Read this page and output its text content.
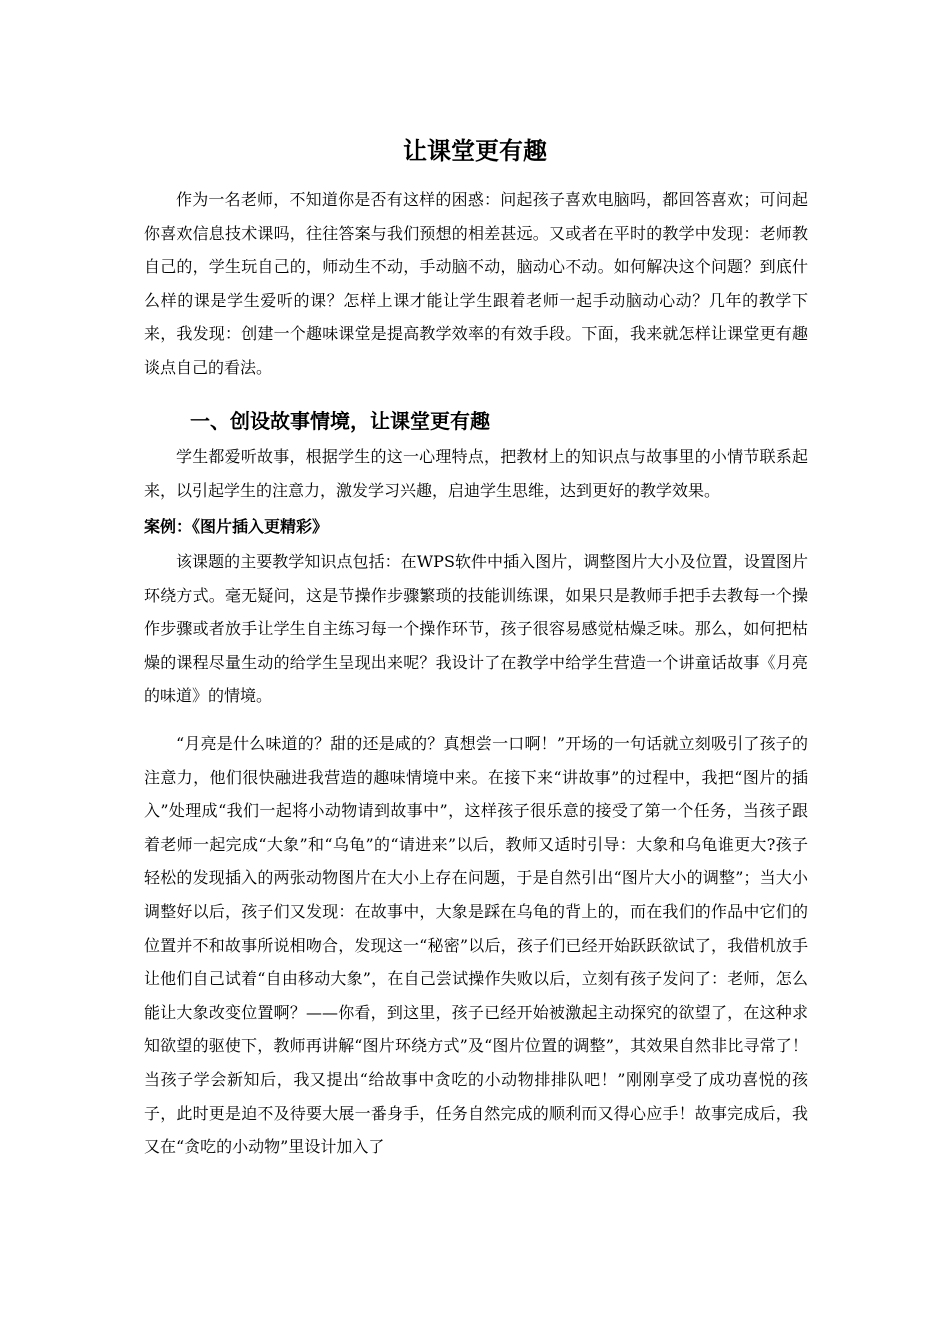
让课堂更有趣

作为一名老师，不知道你是否有这样的困惑：问起孩子喜欢电脑吗，都回答喜欢；可问起你喜欢信息技术课吗，往往答案与我们预想的相差甚远。又或者在平时的教学中发现：老师教自己的，学生玩自己的，师动生不动，手动脑不动，脑动心不动。如何解决这个问题？到底什么样的课是学生爱听的课？怎样上课才能让学生跟着老师一起手动脑动心动？几年的教学下来，我发现：创建一个趣味课堂是提高教学效率的有效手段。下面，我来就怎样让课堂更有趣谈点自己的看法。

一、创设故事情境，让课堂更有趣

学生都爱听故事，根据学生的这一心理特点，把教材上的知识点与故事里的小情节联系起来，以引起学生的注意力，激发学习兴趣，启迪学生思维，达到更好的教学效果。

案例：《图片插入更精彩》

该课题的主要教学知识点包括：在WPS软件中插入图片，调整图片大小及位置，设置图片环绕方式。毫无疑问，这是节操作步骤繁琐的技能训练课，如果只是教师手把手去教每一个操作步骤或者放手让学生自主练习每一个操作环节，孩子很容易感觉枯燥乏味。那么，如何把枯燥的课程尽量生动的给学生呈现出来呢？我设计了在教学中给学生营造一个讲童话故事《月亮的味道》的情境。

“月亮是什么味道的？甜的还是咸的？真想尝一口啊！”开场的一句话就立刻吸引了孩子的注意力，他们很快融进我营造的趣味情境中来。在接下来“讲故事”的过程中，我把“图片的插入”处理成“我们一起将小动物请到故事中”，这样孩子很乐意的接受了第一个任务，当孩子跟着老师一起完成“大象”和“乌龟”的“请进来”以后，教师又适时引导：大象和乌龟谁更大?孩子轻松的发现插入的两张动物图片在大小上存在问题，于是自然引出“图片大小的调整”；当大小调整好以后，孩子们又发现：在故事中，大象是踩在乌龟的背上的，而在我们的作品中它们的位置并不和故事所说相吻合，发现这一“秘密”以后，孩子们已经开始跃跃欲试了，我借机放手让他们自己试着“自由移动大象”，在自己尝试操作失败以后，立刻有孩子发问了：老师，怎么能让大象改变位置啊？——你看，到这里，孩子已经开始被激起主动探究的欲望了，在这种求知欲望的驱使下，教师再讲解“图片环绕方式”及“图片位置的调整”，其效果自然非比寻常了！当孩子学会新知后，我又提出“给故事中贪吃的小动物排排队吧！”刚刚享受了成功喜悦的孩子，此时更是迫不及待要大展一番身手，任务自然完成的顺利而又得心应手！故事完成后，我又在“贪吃的小动物”里设计加入了
